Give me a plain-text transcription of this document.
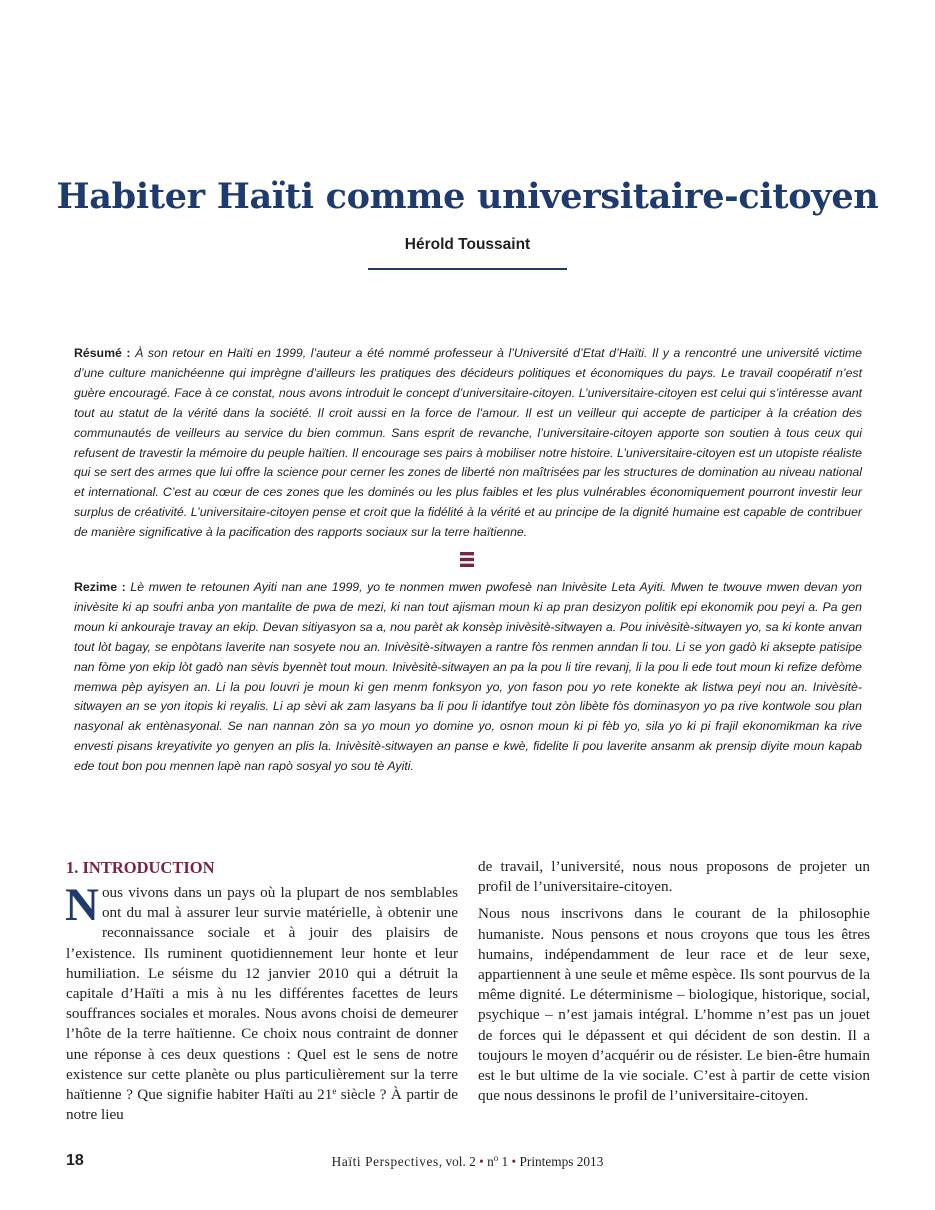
Habiter Haïti comme universitaire-citoyen
Hérold Toussaint

Résumé : À son retour en Haïti en 1999, l’auteur a été nommé professeur à l’Université d’Etat d’Haïti. Il y a rencontré une université victime d’une culture manichéenne qui imprègne d’ailleurs les pratiques des décideurs politiques et économiques du pays. Le travail coopératif n’est guère encouragé. Face à ce constat, nous avons introduit le concept d’universitaire-citoyen. L’universitaire-citoyen est celui qui s’intéresse avant tout au statut de la vérité dans la société. Il croit aussi en la force de l’amour. Il est un veilleur qui accepte de participer à la création des communautés de veilleurs au service du bien commun. Sans esprit de revanche, l’universitaire-citoyen apporte son soutien à tous ceux qui refusent de travestir la mémoire du peuple haïtien. Il encourage ses pairs à mobiliser notre histoire. L’universitaire-citoyen est un utopiste réaliste qui se sert des armes que lui offre la science pour cerner les zones de liberté non maîtrisées par les structures de domination au niveau national et international. C’est au cœur de ces zones que les dominés ou les plus faibles et les plus vulnérables économiquement pourront investir leur surplus de créativité. L’universitaire-citoyen pense et croit que la fidélité à la vérité et au principe de la dignité humaine est capable de contribuer de manière significative à la pacification des rapports sociaux sur la terre haïtienne.

Rezime : Lè mwen te retounen Ayiti nan ane 1999, yo te nonmen mwen pwofesè nan Inivèsite Leta Ayiti. Mwen te twouve mwen devan yon inivèsite ki ap soufri anba yon mantalite de pwa de mezi, ki nan tout ajisman moun ki ap pran desizyon politik epi ekonomik pou peyi a. Pa gen moun ki ankouraje travay an ekip. Devan sitiyasyon sa a, nou parèt ak konsèp inivèsitè-sitwayen a. Pou inivèsitè-sitwayen yo, sa ki konte anvan tout lòt bagay, se enpòtans laverite nan sosyete nou an. Inivèsitè-sitwayen a rantre fòs renmen anndan li tou. Li se yon gadò ki aksepte patisipe nan fòme yon ekip lòt gadò nan sèvis byennèt tout moun. Inivèsitè-sitwayen an pa la pou li tire revanj, li la pou li ede tout moun ki refize defòme memwa pèp ayisyen an. Li la pou louvri je moun ki gen menm fonksyon yo, yon fason pou yo rete konekte ak listwa peyi nou an. Inivèsitè-sitwayen an se yon itopis ki reyalis. Li ap sèvi ak zam lasyans ba li pou li idantifye tout zòn libète fòs dominasyon yo pa rive kontwole sou plan nasyonal ak entènasyonal. Se nan nannan zòn sa yo moun yo domine yo, osnon moun ki pi fèb yo, sila yo ki pi frajil ekonomikman ka rive envesti pisans kreyativite yo genyen an plis la. Inivèsitè-sitwayen an panse e kwè, fidelite li pou laverite ansanm ak prensip diyite moun kapab ede tout bon pou mennen lapè nan rapò sosyal yo sou tè Ayiti.

1. INTRODUCTION

Nous vivons dans un pays où la plupart de nos semblables ont du mal à assurer leur survie matérielle, à obtenir une reconnaissance sociale et à jouir des plaisirs de l’existence. Ils ruminent quotidiennement leur honte et leur humiliation. Le séisme du 12 janvier 2010 qui a détruit la capitale d’Haïti a mis à nu les différentes facettes de leurs souffrances sociales et morales. Nous avons choisi de demeurer l’hôte de la terre haïtienne. Ce choix nous contraint de donner une réponse à ces deux questions : Quel est le sens de notre existence sur cette planète ou plus particulièrement sur la terre haïtienne ? Que signifie habiter Haïti au 21e siècle ? À partir de notre lieu

de travail, l’université, nous nous proposons de projeter un profil de l’universitaire-citoyen.

Nous nous inscrivons dans le courant de la philosophie humaniste. Nous pensons et nous croyons que tous les êtres humains, indépendamment de leur race et de leur sexe, appartiennent à une seule et même espèce. Ils sont pourvus de la même dignité. Le déterminisme – biologique, historique, social, psychique – n’est jamais intégral. L’homme n’est pas un jouet de forces qui le dépassent et qui décident de son destin. Il a toujours le moyen d’acquérir ou de résister. Le bien-être humain est le but ultime de la vie sociale. C’est à partir de cette vision que nous dessinons le profil de l’universitaire-citoyen.

18	Haïti Perspectives, vol. 2 • $n^o$ 1 • Printemps 2013
